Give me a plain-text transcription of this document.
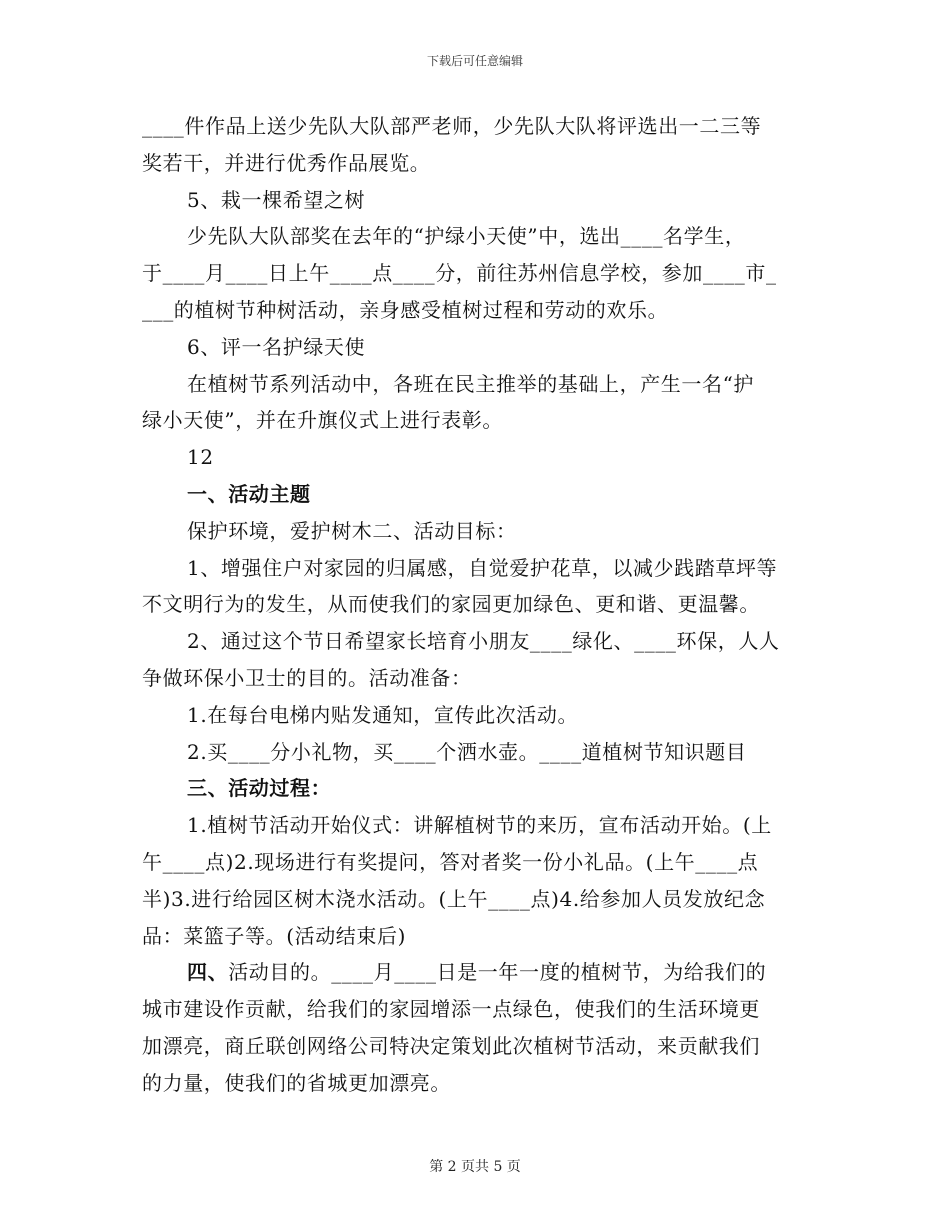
下载后可任意编辑

____件作品上送少先队大队部严老师，少先队大队将评选出一二三等

奖若干，并进行优秀作品展览。

5、栽一棵希望之树

少先队大队部奖在去年的“护绿小天使”中，选出____名学生，

于____月____日上午____点____分，前往苏州信息学校，参加____市_

___的植树节种树活动，亲身感受植树过程和劳动的欢乐。

6、评一名护绿天使

在植树节系列活动中，各班在民主推举的基础上，产生一名“护

绿小天使”，并在升旗仪式上进行表彰。

12

一、活动主题

保护环境，爱护树木二、活动目标：

1、增强住户对家园的归属感，自觉爱护花草，以减少践踏草坪等

不文明行为的发生，从而使我们的家园更加绿色、更和谐、更温馨。

2、通过这个节日希望家长培育小朋友____绿化、____环保，人人

争做环保小卫士的目的。活动准备：

1.在每台电梯内贴发通知，宣传此次活动。

2.买____分小礼物，买____个洒水壶。____道植树节知识题目

三、活动过程：

1.植树节活动开始仪式：讲解植树节的来历，宣布活动开始。(上

午____点)2.现场进行有奖提问，答对者奖一份小礼品。(上午____点

半)3.进行给园区树木浇水活动。(上午____点)4.给参加人员发放纪念

品：菜篮子等。(活动结束后)

四、活动目的。____月____日是一年一度的植树节，为给我们的

城市建设作贡献，给我们的家园增添一点绿色，使我们的生活环境更

加漂亮，商丘联创网络公司特决定策划此次植树节活动，来贡献我们

的力量，使我们的省城更加漂亮。

第 2 页共 5 页
